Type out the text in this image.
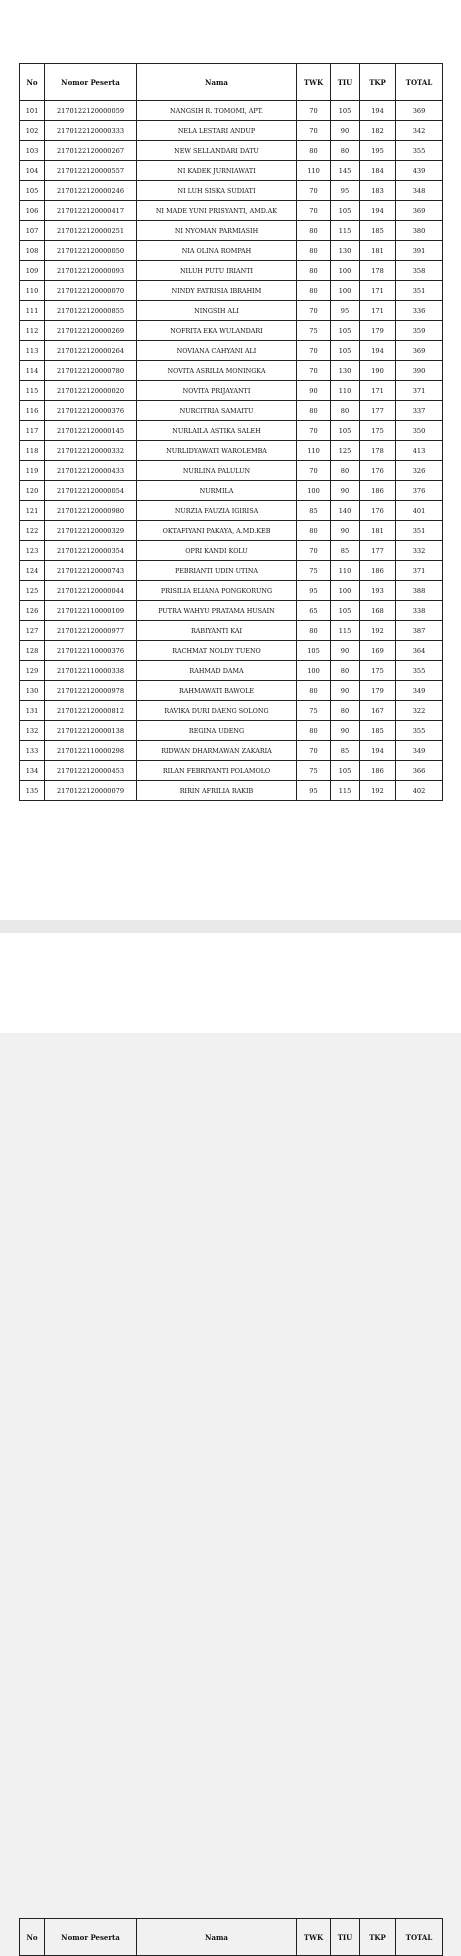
No	Nomor Peserta	Nama	TWK	TIU	TKP	TOTAL
101	2170122120000059	NANGSIH R. TOMOMI, APT.	70	105	194	369
102	2170122120000333	NELA LESTARI ANDUP	70	90	182	342
103	2170122120000267	NEW SELLANDARI DATU	80	80	195	355
104	2170122120000557	NI KADEK JURNIAWATI	110	145	184	439
105	2170122120000246	NI LUH SISKA SUDIATI	70	95	183	348
106	2170122120000417	NI MADE YUNI PRISYANTI, AMD.AK	70	105	194	369
107	2170122120000251	NI NYOMAN PARMIASIH	80	115	185	380
108	2170122120000050	NIA OLINA ROMPAH	80	130	181	391
109	2170122120000093	NILUH PUTU IRIANTI	80	100	178	358
110	2170122120000070	NINDY FATRISIA IBRAHIM	80	100	171	351
111	2170122120000855	NINGSIH ALI	70	95	171	336
112	2170122120000269	NOFRITA EKA WULANDARI	75	105	179	359
113	2170122120000264	NOVIANA CAHYANI ALI	70	105	194	369
114	2170122120000780	NOVITA ASRILIA MONINGKA	70	130	190	390
115	2170122120000020	NOVITA PRIJAYANTI	90	110	171	371
116	2170122120000376	NURCITRIA SAMAITU	80	80	177	337
117	2170122120000145	NURLAILA ASTIKA SALEH	70	105	175	350
118	2170122120000332	NURLIDYAWATI WAROLEMBA	110	125	178	413
119	2170122120000433	NURLINA PALULUN	70	80	176	326
120	2170122120000054	NURMILA	100	90	186	376
121	2170122120000980	NURZIA FAUZIA IGIRISA	85	140	176	401
122	2170122120000329	OKTAFIYANI PAKAYA, A.MD.KEB	80	90	181	351
123	2170122120000354	OPRI KANDI KOLU	70	85	177	332
124	2170122120000743	PEBRIANTI UDIN UTINA	75	110	186	371
125	2170122120000044	PRISILIA ELIANA PONGKORUNG	95	100	193	388
126	2170122110000109	PUTRA WAHYU PRATAMA HUSAIN	65	105	168	338
127	2170122120000977	RABIYANTI KAI	80	115	192	387
128	2170122110000376	RACHMAT NOLDY TUENO	105	90	169	364
129	2170122110000338	RAHMAD DAMA	100	80	175	355
130	2170122120000978	RAHMAWATI BAWOLE	80	90	179	349
131	2170122120000812	RAVIKA DURI DAENG SOLONG	75	80	167	322
132	2170122120000138	REGINA UDENG	80	90	185	355
133	2170122110000298	RIDWAN DHARMAWAN ZAKARIA	70	85	194	349
134	2170122120000453	RILAN FEBRIYANTI POLAMOLO	75	105	186	366
135	2170122120000079	RIRIN AFRILIA RAKIB	95	115	192	402
No	Nomor Peserta	Nama	TWK	TIU	TKP	TOTAL
